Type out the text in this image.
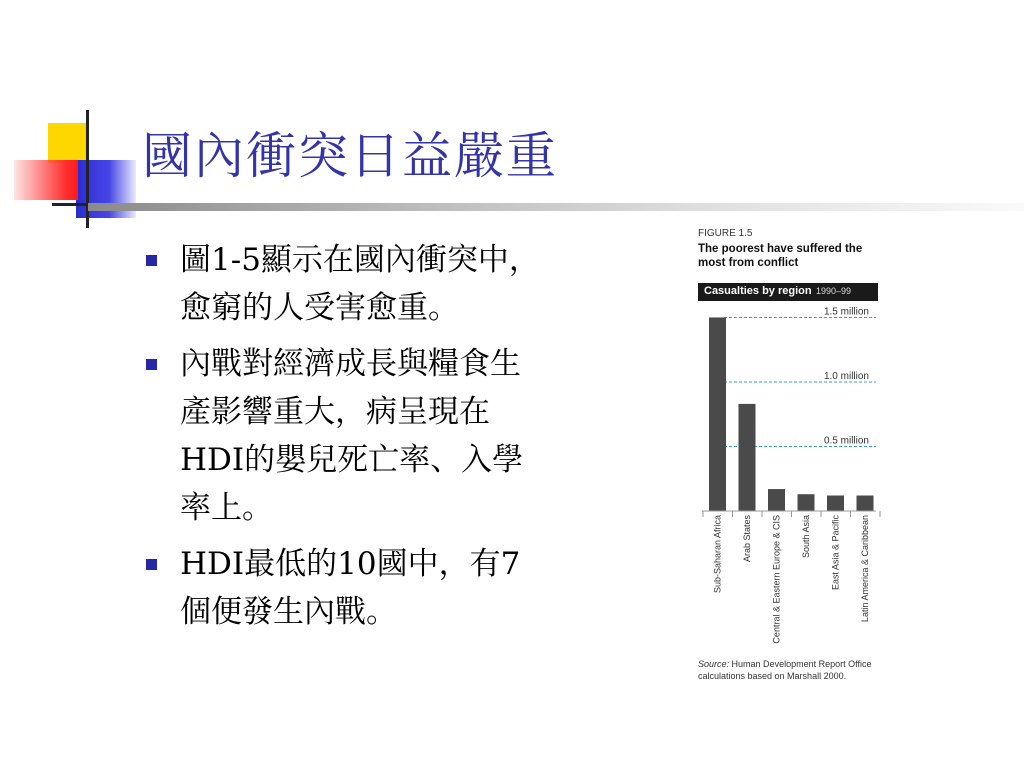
國內衝突日益嚴重
圖1-5顯示在國內衝突中，愈窮的人受害愈重。
內戰對經濟成長與糧食生產影響重大，病呈現在HDI的嬰兒死亡率、入學率上。
HDI最低的10國中，有7個便發生內戰。
FIGURE 1.5
The poorest have suffered the most from conflict
Casualties by region 1990–99
1.5 million
1.0 million
0.5 million
Sub-Saharan Africa Arab States Central & Eastern Europe & CIS South Asia East Asia & Pacific Latin America & Caribbean
Source: Human Development Report Office calculations based on Marshall 2000.
